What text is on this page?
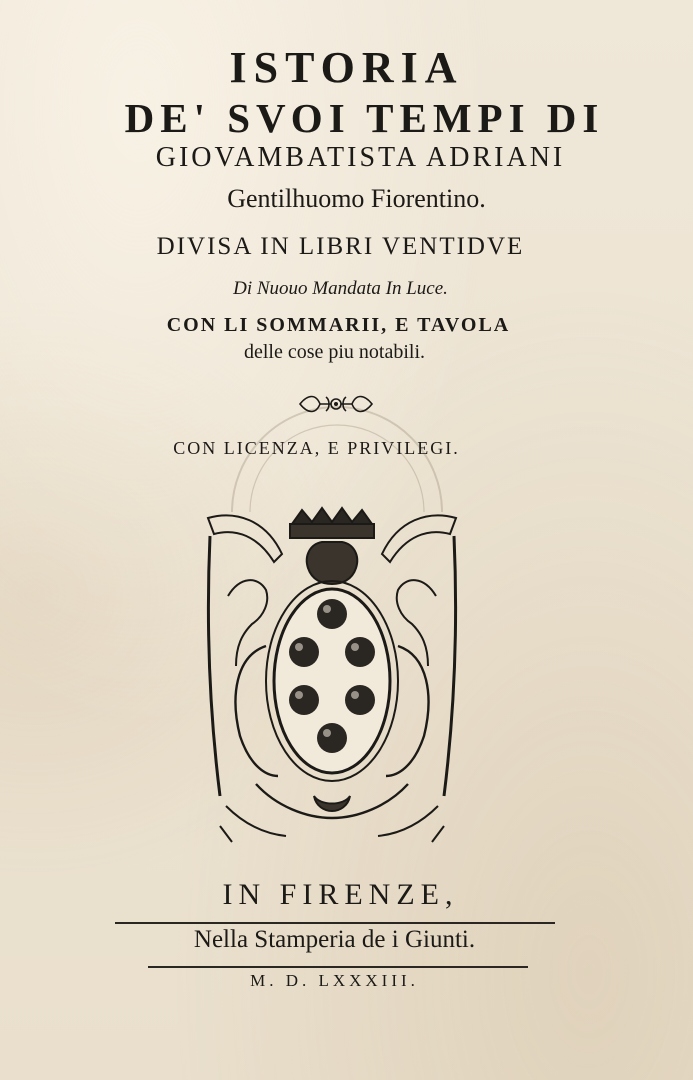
ISTORIA
DE' SVOI TEMPI DI
GIOVAMBATISTA ADRIANI
Gentilhuomo Fiorentino.
DIVISA IN LIBRI VENTIDVE
Di Nuouo Mandata In Luce.
CON LI SOMMARII, E TAVOLA
delle cose piu notabili.
CON LICENZA, E PRIVILEGI.
IN FIRENZE,
Nella Stamperia de i Giunti.
M. D. LXXXIII.
